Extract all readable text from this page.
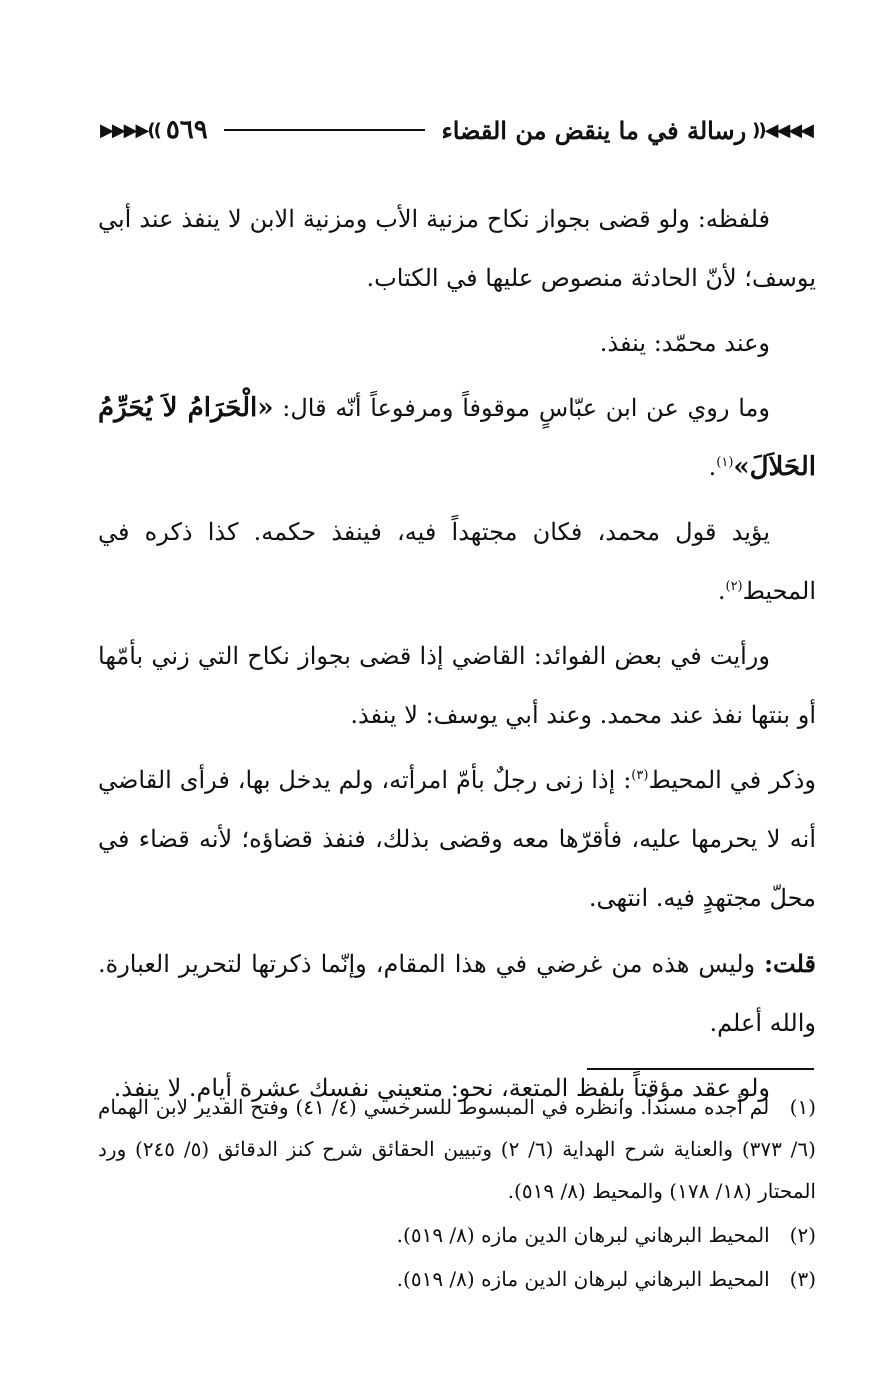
◀◀◀◀((
رسالة في ما ينقض من القضاء
٥٦٩
))▶▶▶▶

فلفظه: ولو قضى بجواز نكاح مزنية الأب ومزنية الابن لا ينفذ عند أبي يوسف؛ لأنّ الحادثة منصوص عليها في الكتاب.

وعند محمّد: ينفذ.

وما روي عن ابن عبّاسٍ موقوفاً ومرفوعاً أنّه قال: «الْحَرَامُ لاَ يُحَرِّمُ الحَلاَلَ»$^{(١)}$.

يؤيد قول محمد، فكان مجتهداً فيه، فينفذ حكمه. كذا ذكره في المحيط$^{(٢)}$.

ورأيت في بعض الفوائد: القاضي إذا قضى بجواز نكاح التي زني بأمّها أو بنتها نفذ عند محمد. وعند أبي يوسف: لا ينفذ.

وذكر في المحيط$^{(٣)}$: إذا زنى رجلٌ بأمّ امرأته، ولم يدخل بها، فرأى القاضي أنه لا يحرمها عليه، فأقرّها معه وقضى بذلك، فنفذ قضاؤه؛ لأنه قضاء في محلّ مجتهدٍ فيه. انتهى.

قلت: وليس هذه من غرضي في هذا المقام، وإنّما ذكرتها لتحرير العبارة. والله أعلم.

ولو عقد مؤقتاً بلفظ المتعة، نحو: متعيني نفسك عشرة أيام. لا ينفذ.

(١) لم أجده مسنداً. وانظره في المبسوط للسرخسي (٤/ ٤١) وفتح القدير لابن الهمام (٦/ ٣٧٣) والعناية شرح الهداية (٦/ ٢) وتبيين الحقائق شرح كنز الدقائق (٥/ ٢٤٥) ورد المحتار (١٨/ ١٧٨) والمحيط (٨/ ٥١٩).
(٢) المحيط البرهاني لبرهان الدين مازه (٨/ ٥١٩).
(٣) المحيط البرهاني لبرهان الدين مازه (٨/ ٥١٩).
